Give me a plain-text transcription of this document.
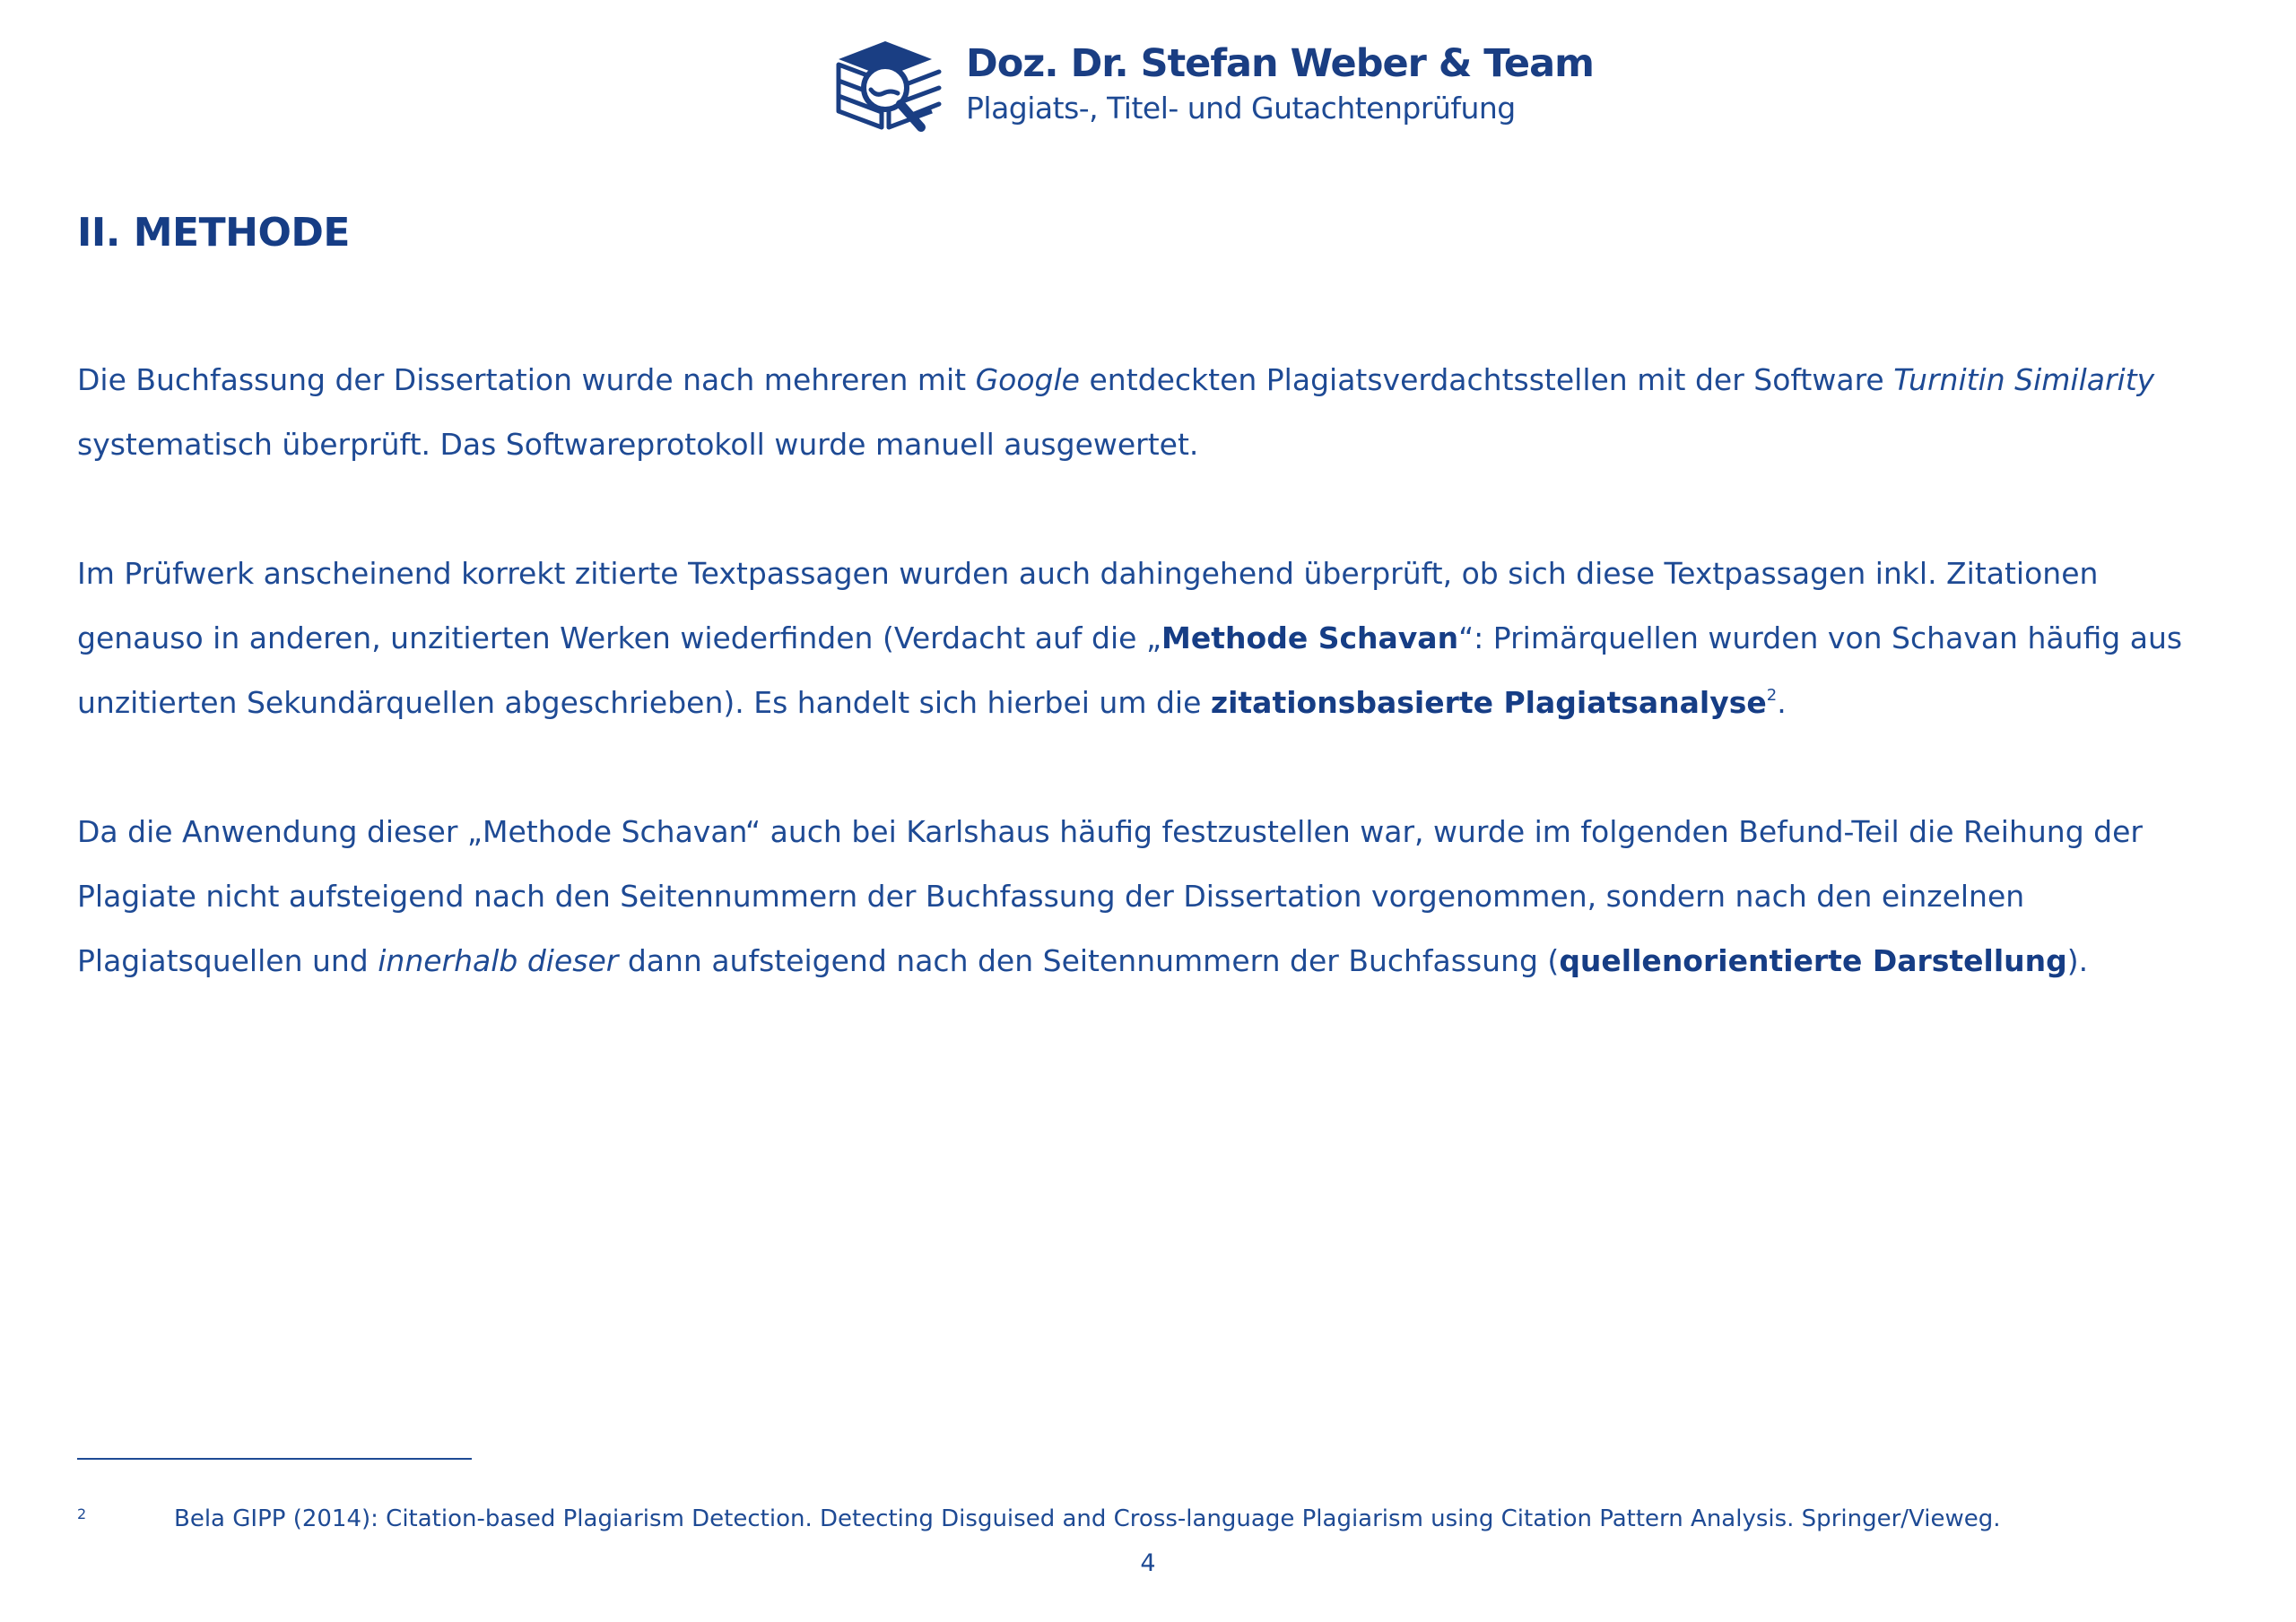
Doz. Dr. Stefan Weber & Team
Plagiats-, Titel- und Gutachtenprüfung
II. METHODE

Die Buchfassung der Dissertation wurde nach mehreren mit Google entdeckten Plagiatsverdachtsstellen mit der Software Turnitin Similarity systematisch überprüft. Das Softwareprotokoll wurde manuell ausgewertet.

Im Prüfwerk anscheinend korrekt zitierte Textpassagen wurden auch dahingehend überprüft, ob sich diese Textpassagen inkl. Zitationen genauso in anderen, unzitierten Werken wiederfinden (Verdacht auf die „Methode Schavan“: Primärquellen wurden von Schavan häufig aus unzitierten Sekundärquellen abgeschrieben). Es handelt sich hierbei um die zitationsbasierte Plagiatsanalyse$^2$.

Da die Anwendung dieser „Methode Schavan“ auch bei Karlshaus häufig festzustellen war, wurde im folgenden Befund-Teil die Reihung der Plagiate nicht aufsteigend nach den Seitennummern der Buchfassung der Dissertation vorgenommen, sondern nach den einzelnen Plagiatsquellen und innerhalb dieser dann aufsteigend nach den Seitennummern der Buchfassung (quellenorientierte Darstellung).

2	Bela GIPP (2014): Citation-based Plagiarism Detection. Detecting Disguised and Cross-language Plagiarism using Citation Pattern Analysis. Springer/Vieweg.
4
